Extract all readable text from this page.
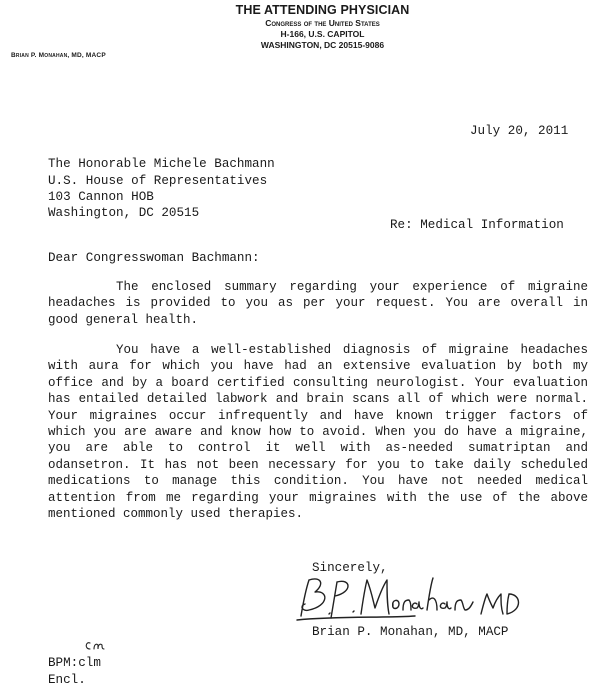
THE ATTENDING PHYSICIAN
Congress of the United States
H-166, U.S. CAPITOL
WASHINGTON, DC 20515-9086
Brian P. Monahan, MD, MACP
July 20, 2011
The Honorable Michele Bachmann
U.S. House of Representatives
103 Cannon HOB
Washington, DC 20515
Re: Medical Information
Dear Congresswoman Bachmann:
The enclosed summary regarding your experience of migraine headaches is provided to you as per your request. You are overall in good general health.
You have a well-established diagnosis of migraine headaches with aura for which you have had an extensive evaluation by both my office and by a board certified consulting neurologist. Your evaluation has entailed detailed labwork and brain scans all of which were normal. Your migraines occur infrequently and have known trigger factors of which you are aware and know how to avoid. When you do have a migraine, you are able to control it well with as-needed sumatriptan and odansetron. It has not been necessary for you to take daily scheduled medications to manage this condition. You have not needed medical attention from me regarding your migraines with the use of the above mentioned commonly used therapies.
Sincerely,
Brian P. Monahan, MD, MACP
BPM:clm
Encl.
